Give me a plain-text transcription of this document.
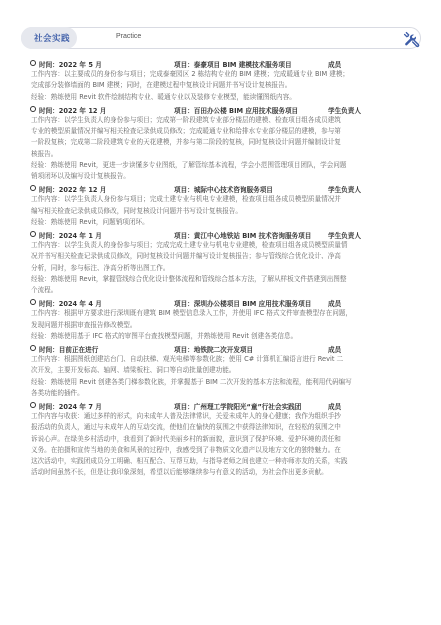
社会实践	Practice
时间：2022 年 5 月	项目：泰豪项目 BIM 建模技术服务项目	成员
工作内容：以主要成员的身份参与项目；完成泰豪园区 2 栋结构专业的 BIM 建模；完成暖通专业 BIM 建模；
完成部分装修墙面的 BIM 建模；同时，在建模过程中复核设计问题并书写设计复核报告。
经验：熟练使用 Revit 软件绘制结构专业、暖通专业以及装修专业模型，能读懂图纸内容。
时间：2022 年 12 月	项目：百田办公楼 BIM 应用技术服务项目	学生负责人
工作内容：以学生负责人的身份参与项目；完成第一阶段建筑专业部分楼层的建模、检查项目组各成员建筑
专业的模型质量情况并编写相关检查记录供成员修改；完成暖通专业和给排水专业部分楼层的建模，参与第
一阶段复核；完成第二阶段建筑专业的天花建模，并参与第二阶段的复核，同时复核设计问题并编制设计复
核报告。
经验：熟练使用 Revit，更进一步读懂多专业图纸，了解管综基本流程，学会小范围管理项目团队，学会问题
销项闭环以及编写设计复核报告。
时间：2022 年 12 月	项目：城际中心技术咨询服务项目	学生负责人
工作内容：以学生负责人身份参与项目；完成土建专业与机电专业建模，检查项目组各成员模型质量情况并
编写相关检查记录供成员修改，同时复核设计问题并书写设计复核报告。
经验：熟练使用 Revit，问题销项闭环。
时间：2024 年 1 月	项目：黄江中心地铁站 BIM 技术咨询服务项目	学生负责人
工作内容：以学生负责人的身份参与项目；完成完成土建专业与机电专业建模，检查项目组各成员模型质量情
况并书写相关检查记录供成员修改，同时复核设计问题并编写设计复核报告；参与管线综合优化设计、净高
分析，同时，参与标注、净高分析等出图工作。
经验：熟练使用 Revit，掌握管线综合优化设计整体流程和管线综合基本方法，了解从样板文件搭建到出图整
个流程。
时间：2024 年 4 月	项目：深圳办公楼项目 BIM 应用技术服务项目	成员
工作内容：根据甲方要求进行深圳既有建筑 BIM 模型信息录入工作，并使用 IFC 格式文件审查模型存在问题，
发现问题并根据审查报告修改模型。
经验：熟练使用基于 IFC 格式的审图平台查找模型问题，并熟练使用 Revit 创建各类信息。
时间：目前正在进行	项目：地铁院二次开发项目	成员
工作内容：根据图纸创建站台门、自动扶梯、观光电梯等参数化族；使用 C# 计算机汇编语言进行 Revit 二
次开发，主要开发标高、轴网、墙梁板柱、洞口等自动批量创建功能。
经验：熟练使用 Revit 创建各类门梯参数化族，并掌握基于 BIM 二次开发的基本方法和流程，能利用代码编写
各类功能的插件。
时间：2024 年 7 月	项目：广州理工学院阳光“童”行社会实践团	成员
工作内容与收获：通过多样的形式，向未成年人普及法律常识，关爱未成年人的身心健康；我作为组织手抄
报活动的负责人，通过与未成年人的互动交流，使他们在愉快的氛围之中获得法律知识，在轻松的氛围之中
诉说心声。在绿美乡村活动中，我看到了新时代美丽乡村的新面貌，意识到了保护环境、爱护环境的责任和
义务。在拍摄和宣传当地的美食和风景的过程中，我感受到了非物质文化遗产以及地方文化的独特魅力。在
这次活动中，实践团成员分工明确、相互配合、互帮互助，与指导老师之间也建立一种亦师亦友的关系，实践
活动时间虽然不长，但是让我印象深刻，希望以后能够继续参与有意义的活动，为社会作出更多贡献。
